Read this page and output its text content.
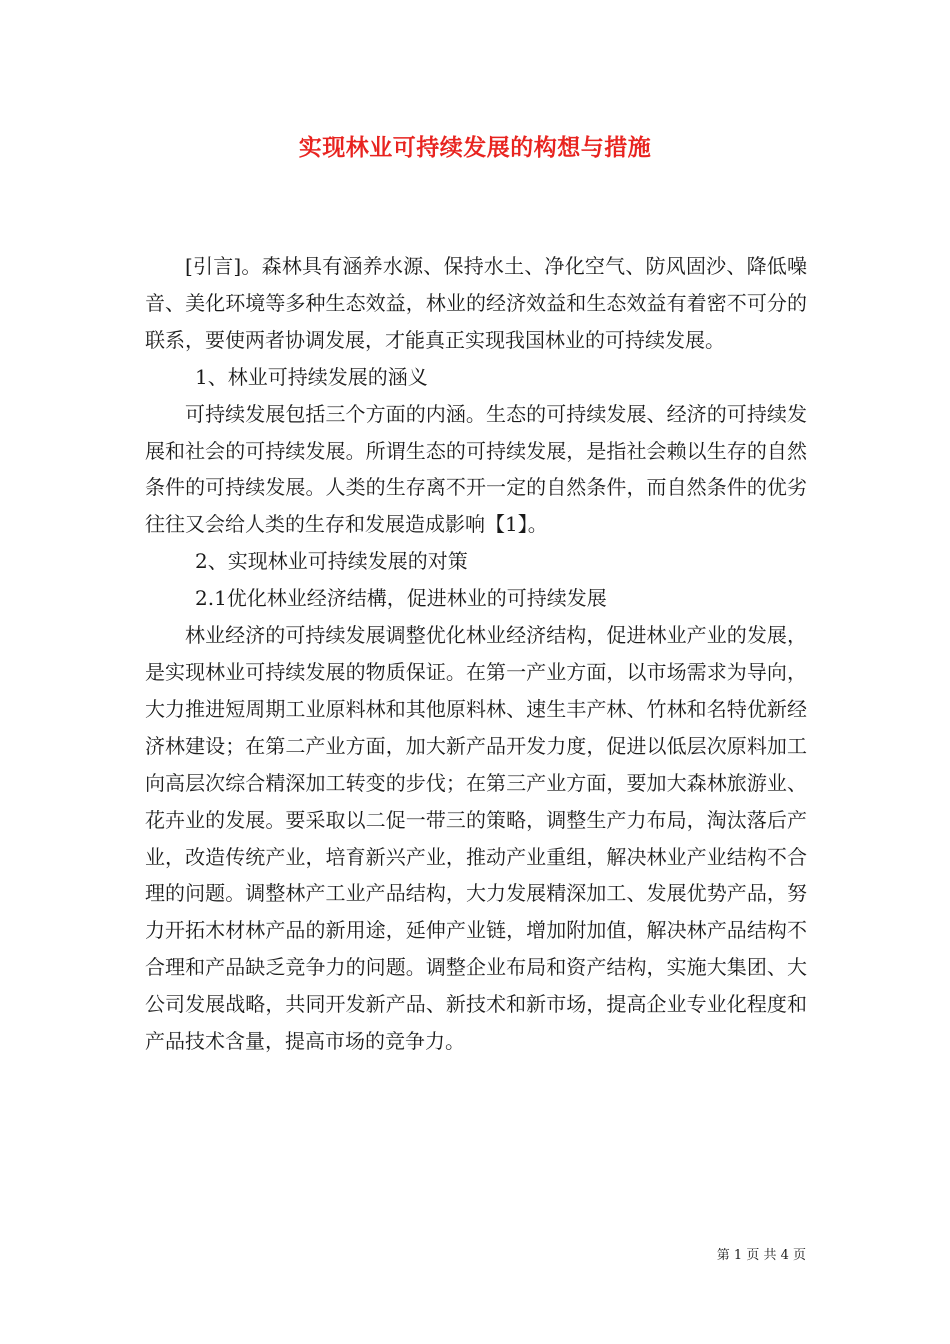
实现林业可持续发展的构想与措施

[引言]。森林具有涵养水源、保持水土、净化空气、防风固沙、降低噪音、美化环境等多种生态效益，林业的经济效益和生态效益有着密不可分的联系，要使两者协调发展，才能真正实现我国林业的可持续发展。

1、林业可持续发展的涵义

可持续发展包括三个方面的内涵。生态的可持续发展、经济的可持续发展和社会的可持续发展。所谓生态的可持续发展，是指社会赖以生存的自然条件的可持续发展。人类的生存离不开一定的自然条件，而自然条件的优劣往往又会给人类的生存和发展造成影响【1】。

2、实现林业可持续发展的对策

2.1优化林业经济结構，促进林业的可持续发展

林业经济的可持续发展调整优化林业经济结构，促进林业产业的发展，是实现林业可持续发展的物质保证。在第一产业方面，以市场需求为导向，大力推进短周期工业原料林和其他原料林、速生丰产林、竹林和名特优新经济林建设；在第二产业方面，加大新产品开发力度，促进以低层次原料加工向高层次综合精深加工转变的步伐；在第三产业方面，要加大森林旅游业、花卉业的发展。要采取以二促一带三的策略，调整生产力布局，淘汰落后产业，改造传统产业，培育新兴产业，推动产业重组，解决林业产业结构不合理的问题。调整林产工业产品结构，大力发展精深加工、发展优势产品，努力开拓木材林产品的新用途，延伸产业链，增加附加值，解决林产品结构不合理和产品缺乏竞争力的问题。调整企业布局和资产结构，实施大集团、大公司发展战略，共同开发新产品、新技术和新市场，提高企业专业化程度和产品技术含量，提高市场的竞争力。

第 1 页 共 4 页
